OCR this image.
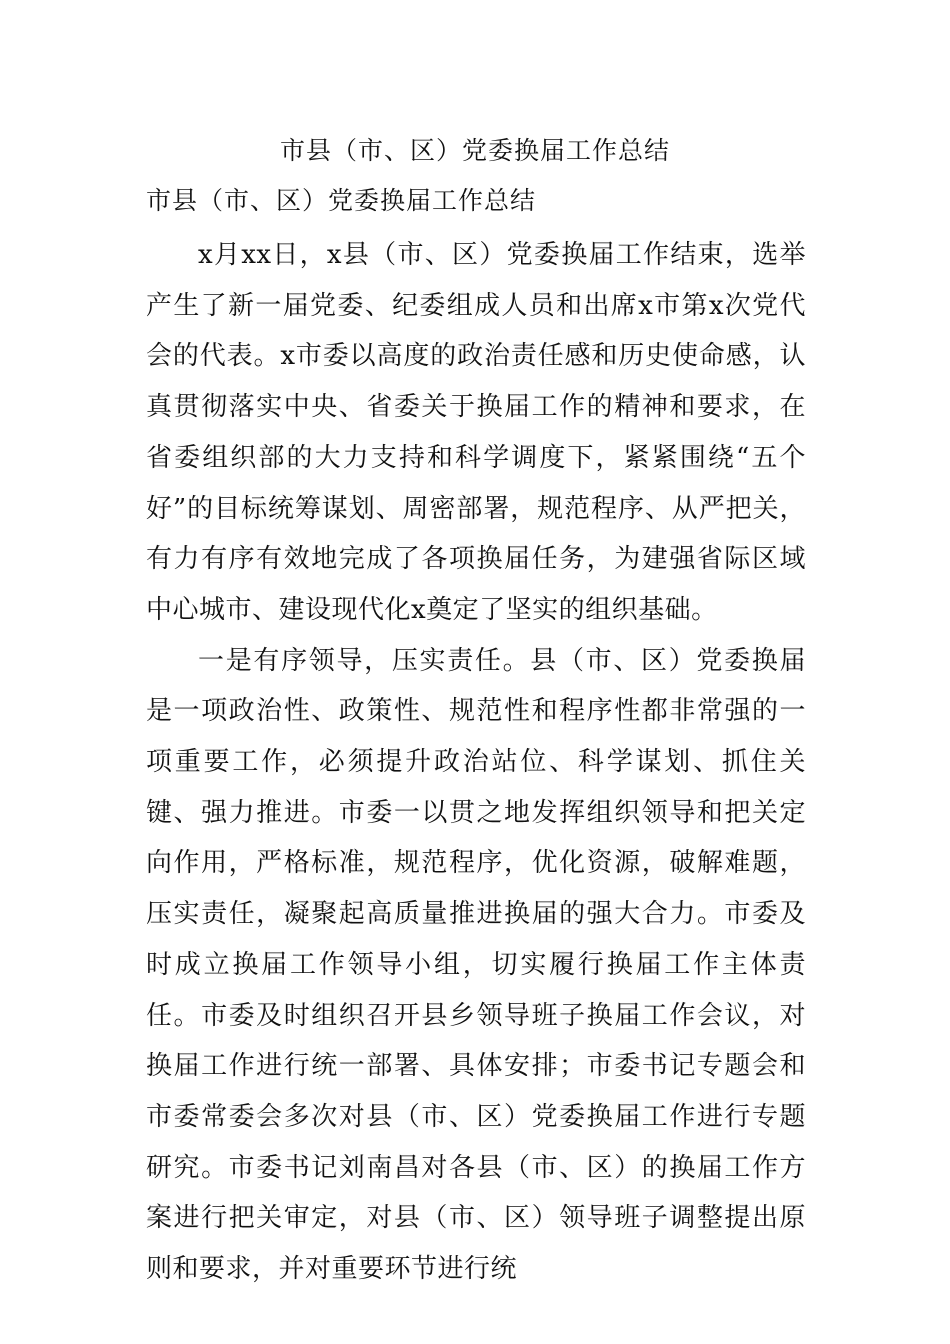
市县（市、区）党委换届工作总结
市县（市、区）党委换届工作总结

x月xx日，x县（市、区）党委换届工作结束，选举产生了新一届党委、纪委组成人员和出席x市第x次党代会的代表。x市委以高度的政治责任感和历史使命感，认真贯彻落实中央、省委关于换届工作的精神和要求，在省委组织部的大力支持和科学调度下，紧紧围绕“五个好”的目标统筹谋划、周密部署，规范程序、从严把关，有力有序有效地完成了各项换届任务，为建强省际区域中心城市、建设现代化x奠定了坚实的组织基础。

一是有序领导，压实责任。县（市、区）党委换届是一项政治性、政策性、规范性和程序性都非常强的一项重要工作，必须提升政治站位、科学谋划、抓住关键、强力推进。市委一以贯之地发挥组织领导和把关定向作用，严格标准，规范程序，优化资源，破解难题，压实责任，凝聚起高质量推进换届的强大合力。市委及时成立换届工作领导小组，切实履行换届工作主体责任。市委及时组织召开县乡领导班子换届工作会议，对换届工作进行统一部署、具体安排；市委书记专题会和市委常委会多次对县（市、区）党委换届工作进行专题研究。市委书记刘南昌对各县（市、区）的换届工作方案进行把关审定，对县（市、区）领导班子调整提出原则和要求，并对重要环节进行统
